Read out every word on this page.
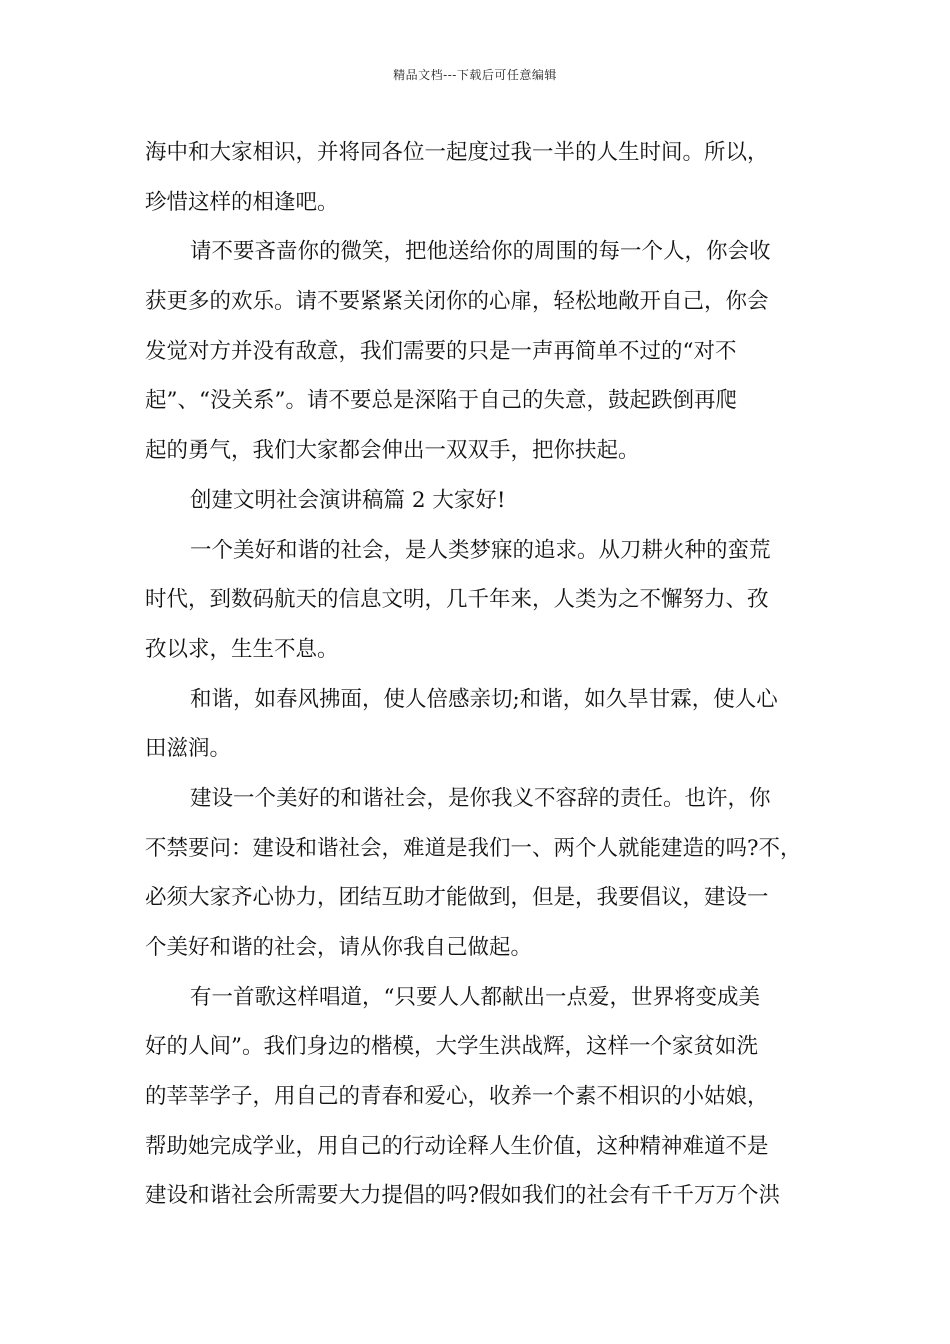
精品文档---下载后可任意编辑
海中和大家相识，并将同各位一起度过我一半的人生时间。所以，
珍惜这样的相逢吧。
请不要吝啬你的微笑，把他送给你的周围的每一个人，你会收
获更多的欢乐。请不要紧紧关闭你的心扉，轻松地敞开自己，你会
发觉对方并没有敌意，我们需要的只是一声再简单不过的“对不
起”、“没关系”。请不要总是深陷于自己的失意，鼓起跌倒再爬
起的勇气，我们大家都会伸出一双双手，把你扶起。
创建文明社会演讲稿篇 2 大家好!
一个美好和谐的社会，是人类梦寐的追求。从刀耕火种的蛮荒
时代，到数码航天的信息文明，几千年来，人类为之不懈努力、孜
孜以求，生生不息。
和谐，如春风拂面，使人倍感亲切;和谐，如久旱甘霖，使人心
田滋润。
建设一个美好的和谐社会，是你我义不容辞的责任。也许，你
不禁要问：建设和谐社会，难道是我们一、两个人就能建造的吗?不，
必须大家齐心协力，团结互助才能做到，但是，我要倡议，建设一
个美好和谐的社会，请从你我自己做起。
有一首歌这样唱道，“只要人人都献出一点爱，世界将变成美
好的人间”。我们身边的楷模，大学生洪战辉，这样一个家贫如洗
的莘莘学子，用自己的青春和爱心，收养一个素不相识的小姑娘，
帮助她完成学业，用自己的行动诠释人生价值，这种精神难道不是
建设和谐社会所需要大力提倡的吗?假如我们的社会有千千万万个洪
